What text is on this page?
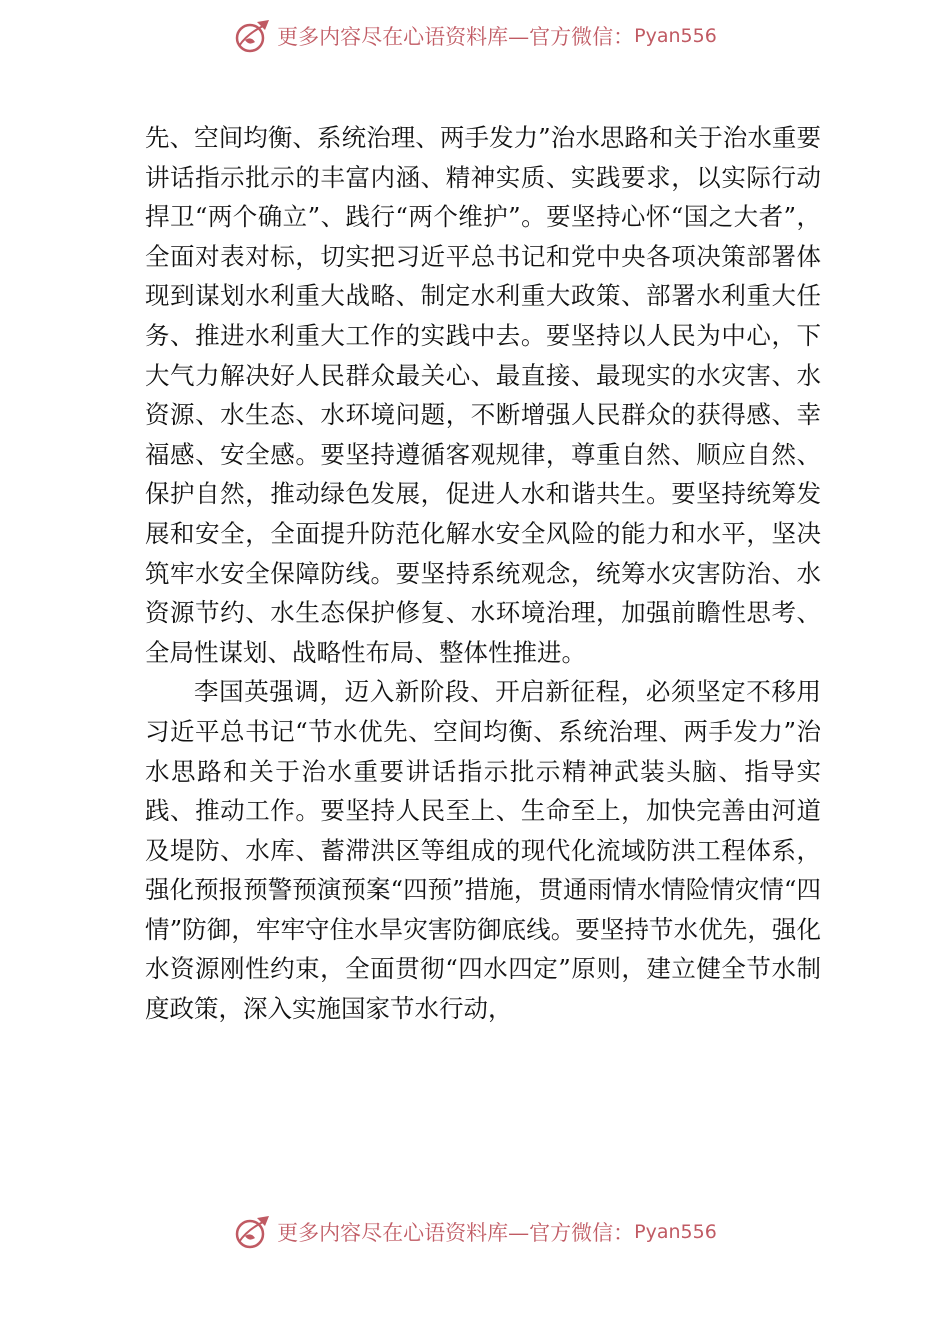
更多内容尽在心语资料库—官方微信： Pyan556

先、空间均衡、系统治理、两手发力”治水思路和关于治水重要讲话指示批示的丰富内涵、精神实质、实践要求，以实际行动捍卫“两个确立”、践行“两个维护”。要坚持心怀“国之大者”，全面对表对标，切实把习近平总书记和党中央各项决策部署体现到谋划水利重大战略、制定水利重大政策、部署水利重大任务、推进水利重大工作的实践中去。要坚持以人民为中心，下大气力解决好人民群众最关心、最直接、最现实的水灾害、水资源、水生态、水环境问题，不断增强人民群众的获得感、幸福感、安全感。要坚持遵循客观规律，尊重自然、顺应自然、保护自然，推动绿色发展，促进人水和谐共生。要坚持统筹发展和安全，全面提升防范化解水安全风险的能力和水平，坚决筑牢水安全保障防线。要坚持系统观念，统筹水灾害防治、水资源节约、水生态保护修复、水环境治理，加强前瞻性思考、全局性谋划、战略性布局、整体性推进。

李国英强调，迈入新阶段、开启新征程，必须坚定不移用习近平总书记“节水优先、空间均衡、系统治理、两手发力”治水思路和关于治水重要讲话指示批示精神武装头脑、指导实践、推动工作。要坚持人民至上、生命至上，加快完善由河道及堤防、水库、蓄滞洪区等组成的现代化流域防洪工程体系，强化预报预警预演预案“四预”措施，贯通雨情水情险情灾情“四情”防御，牢牢守住水旱灾害防御底线。要坚持节水优先，强化水资源刚性约束，全面贯彻“四水四定”原则，建立健全节水制度政策，深入实施国家节水行动，

更多内容尽在心语资料库—官方微信： Pyan556
